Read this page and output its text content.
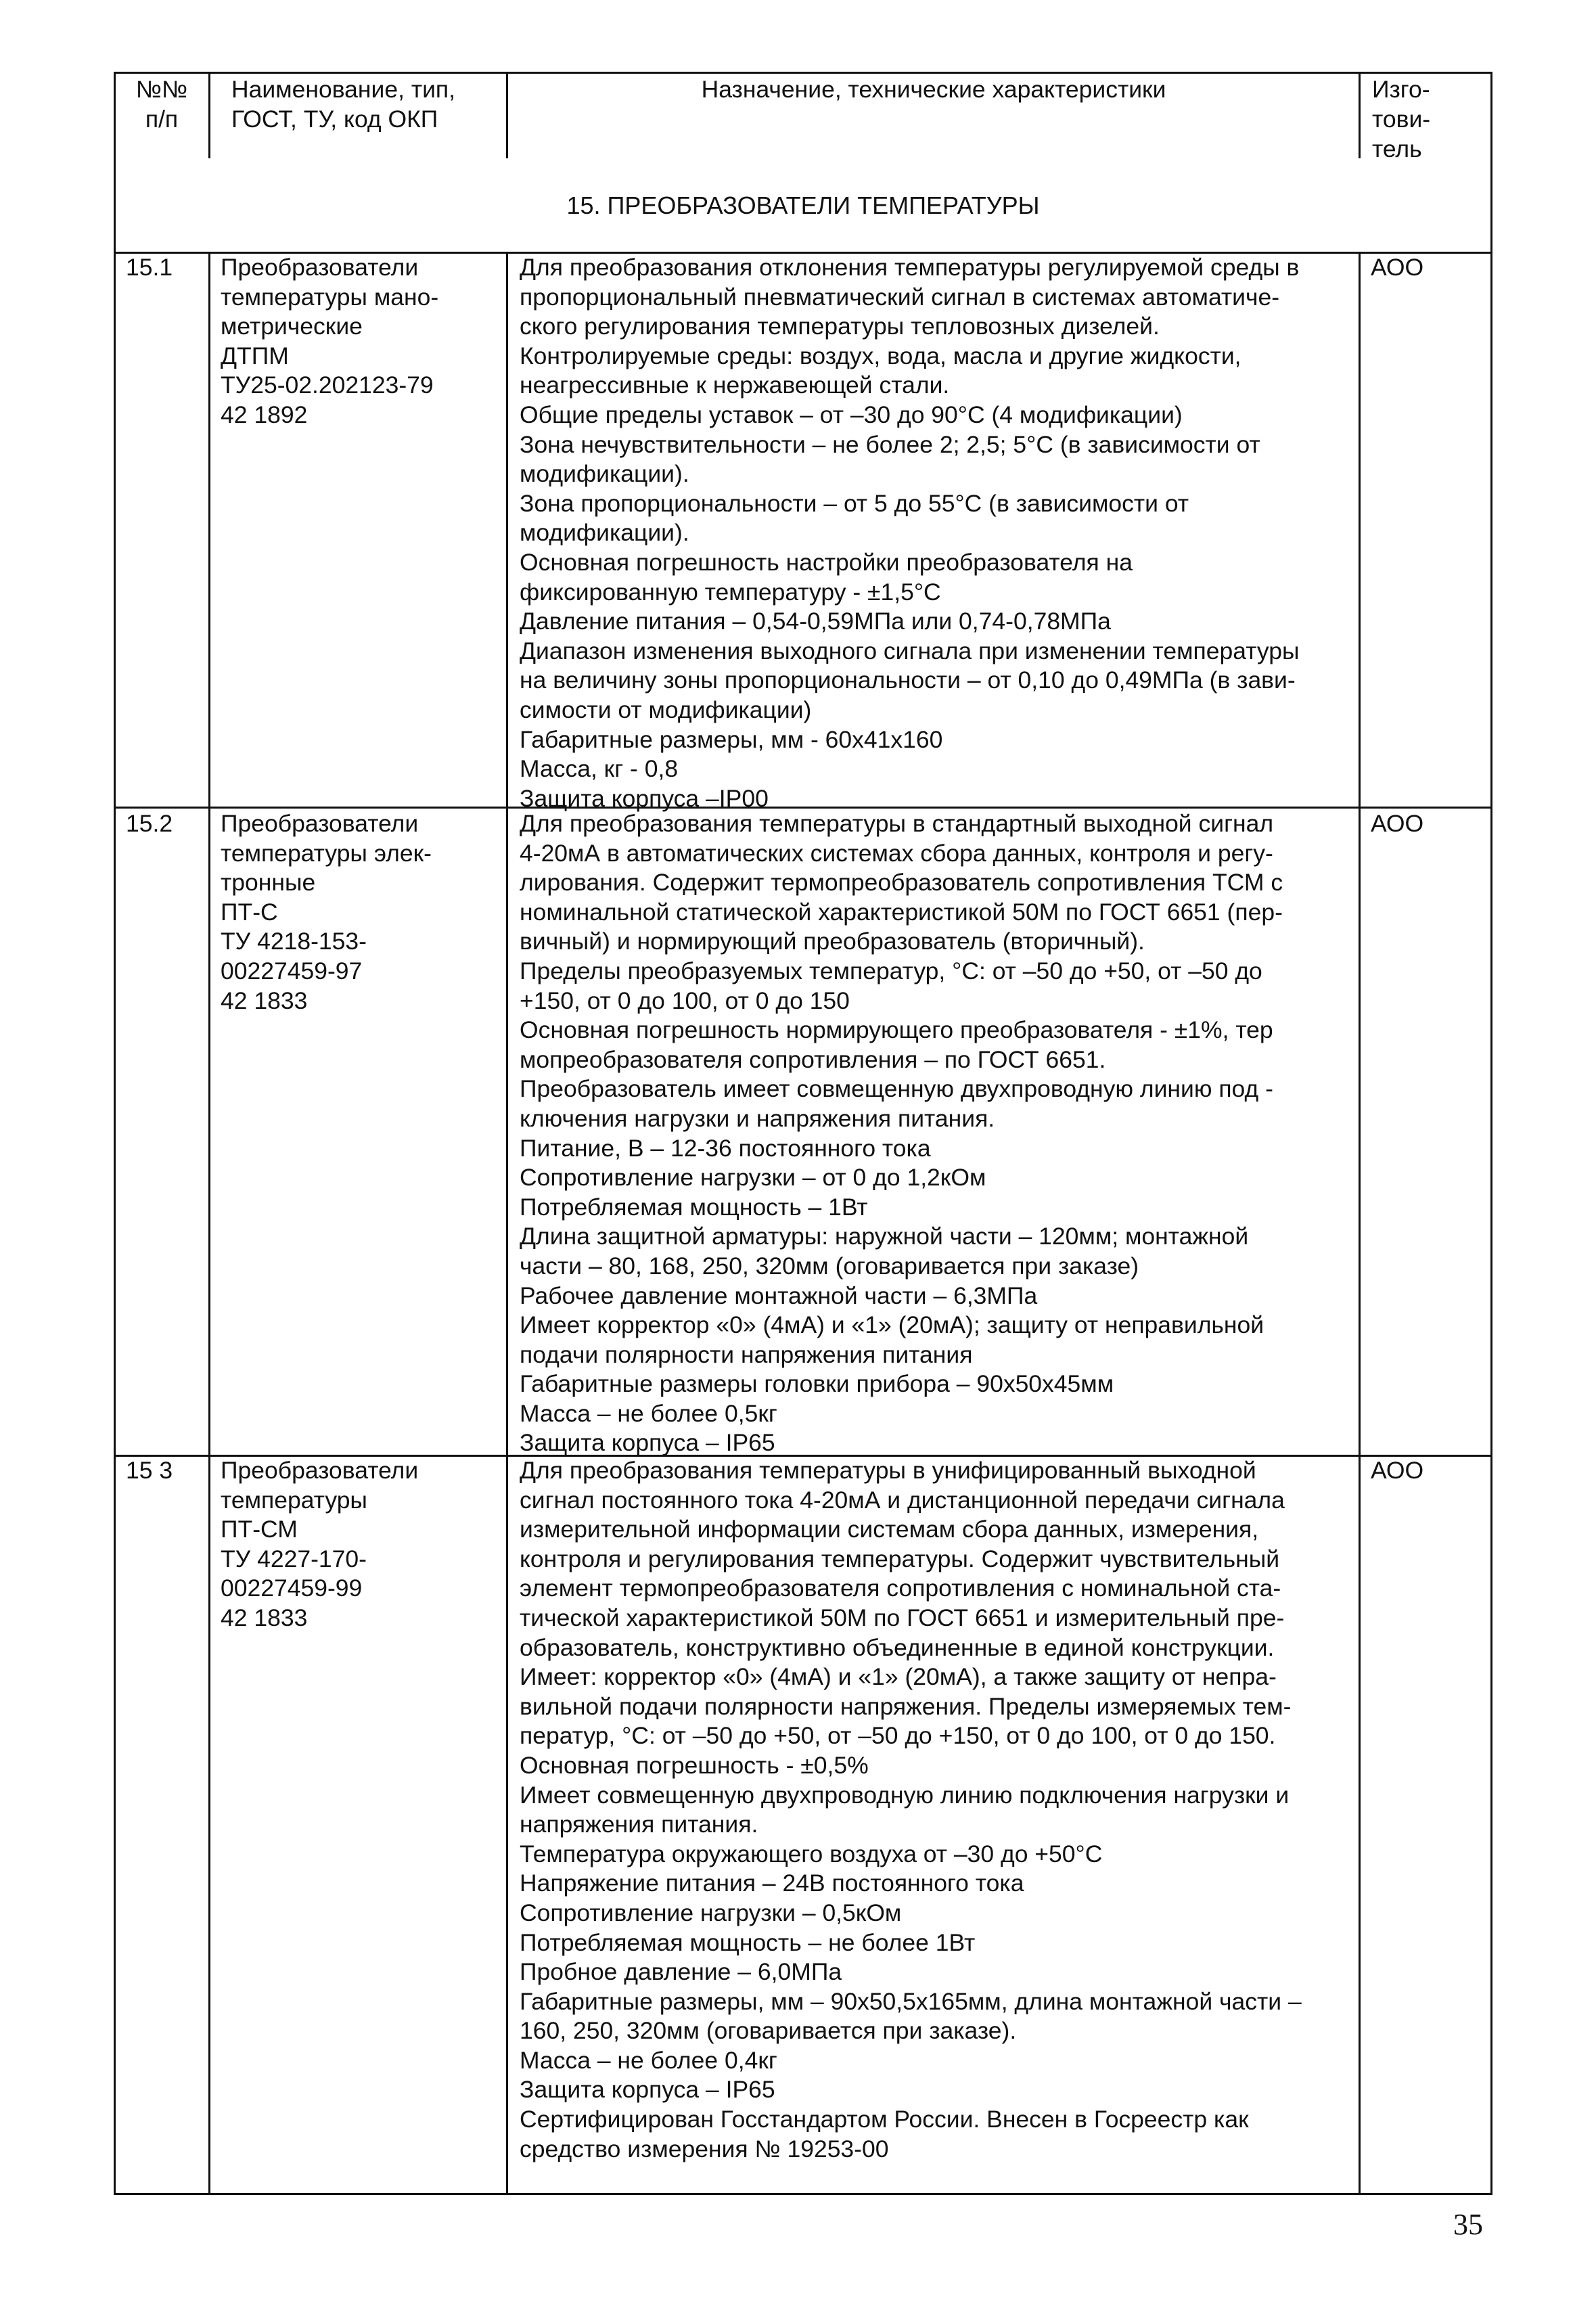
№№
п/п
Наименование, тип,
ГОСТ, ТУ, код ОКП
Назначение, технические характеристики	Изго-
тови-
тель
15. ПРЕОБРАЗОВАТЕЛИ ТЕМПЕРАТУРЫ
15.1 Преобразователи
температуры мано-
метрические
ДТПМ
ТУ25-02.202123-79
42 1892
Для преобразования отклонения температуры регулируемой среды в
пропорциональный пневматический сигнал в системах автоматиче-
ского регулирования температуры тепловозных дизелей.
Контролируемые среды: воздух, вода, масла и другие жидкости,
неагрессивные к нержавеющей стали.
Общие пределы уставок – от –30 до 90°С (4 модификации)
Зона нечувствительности – не более 2; 2,5; 5°С (в зависимости от
модификации).
Зона пропорциональности – от 5 до 55°С (в зависимости от
модификации).
Основная погрешность настройки преобразователя на
фиксированную температуру - ±1,5°С
Давление питания – 0,54-0,59МПа или 0,74-0,78МПа
Диапазон изменения выходного сигнала при изменении температуры
на величину зоны пропорциональности – от 0,10 до 0,49МПа (в зави-
симости от модификации)
Габаритные размеры, мм - 60x41x160
Масса, кг - 0,8
Защита корпуса –IP00
АОО
15.2 Преобразователи
температуры элек-
тронные
ПТ-С
ТУ 4218-153-
00227459-97
42 1833
Для преобразования температуры в стандартный выходной сигнал
4-20мА в автоматических системах сбора данных, контроля и регу-
лирования. Содержит термопреобразователь сопротивления ТСМ с
номинальной статической характеристикой 50М по ГОСТ 6651 (пер-
вичный) и нормирующий преобразователь (вторичный).
Пределы преобразуемых температур, °С: от –50 до +50, от –50 до
+150, от 0 до 100, от 0 до 150
Основная погрешность нормирующего преобразователя - ±1%, тер
мопреобразователя сопротивления – по ГОСТ 6651.
Преобразователь имеет совмещенную двухпроводную линию под -
ключения нагрузки и напряжения питания.
Питание, В – 12-36 постоянного тока
Сопротивление нагрузки – от 0 до 1,2кОм
Потребляемая мощность – 1Вт
Длина защитной арматуры: наружной части – 120мм; монтажной
части – 80, 168, 250, 320мм (оговаривается при заказе)
Рабочее давление монтажной части – 6,3МПа
Имеет корректор «0» (4мА) и «1» (20мА); защиту от неправильной
подачи полярности напряжения питания
Габаритные размеры головки прибора – 90x50x45мм
Масса – не более 0,5кг
Защита корпуса – IP65
АОО
15 3 Преобразователи
температуры
ПТ-СМ
ТУ 4227-170-
00227459-99
42 1833
Для преобразования температуры в унифицированный выходной
сигнал постоянного тока 4-20мА и дистанционной передачи сигнала
измерительной информации системам сбора данных, измерения,
контроля и регулирования температуры. Содержит чувствительный
элемент термопреобразователя сопротивления с номинальной ста-
тической характеристикой 50М по ГОСТ 6651 и измерительный пре-
образователь, конструктивно объединенные в единой конструкции.
Имеет: корректор «0» (4мА) и «1» (20мА), а также защиту от непра-
вильной подачи полярности напряжения. Пределы измеряемых тем-
ператур, °С: от –50 до +50, от –50 до +150, от 0 до 100, от 0 до 150.
Основная погрешность - ±0,5%
Имеет совмещенную двухпроводную линию подключения нагрузки и
напряжения питания.
Температура окружающего воздуха от –30 до +50°С
Напряжение питания – 24В постоянного тока
Сопротивление нагрузки – 0,5кОм
Потребляемая мощность – не более 1Вт
Пробное давление – 6,0МПа
Габаритные размеры, мм – 90x50,5x165мм, длина монтажной части –
160, 250, 320мм (оговаривается при заказе).
Масса – не более 0,4кг
Защита корпуса – IP65
Сертифицирован Госстандартом России. Внесен в Госреестр как
средство измерения № 19253-00
АОО
35
